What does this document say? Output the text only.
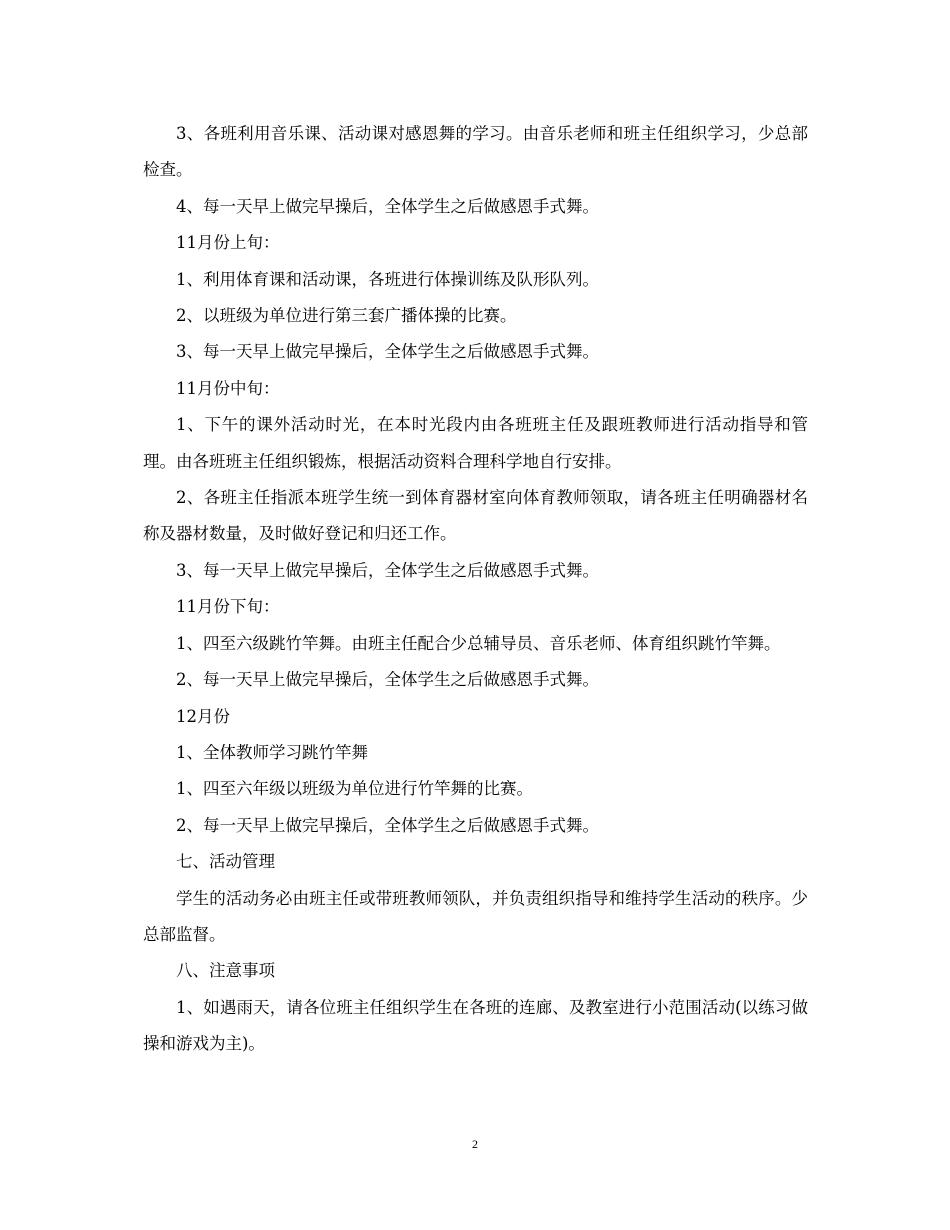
3、各班利用音乐课、活动课对感恩舞的学习。由音乐老师和班主任组织学习，少总部检查。

4、每一天早上做完早操后，全体学生之后做感恩手式舞。

11月份上旬：

1、利用体育课和活动课，各班进行体操训练及队形队列。

2、以班级为单位进行第三套广播体操的比赛。

3、每一天早上做完早操后，全体学生之后做感恩手式舞。

11月份中旬：

1、下午的课外活动时光，在本时光段内由各班班主任及跟班教师进行活动指导和管理。由各班班主任组织锻炼，根据活动资料合理科学地自行安排。

2、各班主任指派本班学生统一到体育器材室向体育教师领取，请各班主任明确器材名称及器材数量，及时做好登记和归还工作。

3、每一天早上做完早操后，全体学生之后做感恩手式舞。

11月份下旬：

1、四至六级跳竹竿舞。由班主任配合少总辅导员、音乐老师、体育组织跳竹竿舞。

2、每一天早上做完早操后，全体学生之后做感恩手式舞。

12月份

1、全体教师学习跳竹竿舞

1、四至六年级以班级为单位进行竹竿舞的比赛。

2、每一天早上做完早操后，全体学生之后做感恩手式舞。

七、活动管理

学生的活动务必由班主任或带班教师领队，并负责组织指导和维持学生活动的秩序。少总部监督。

八、注意事项

1、如遇雨天，请各位班主任组织学生在各班的连廊、及教室进行小范围活动(以练习做操和游戏为主)。

2
